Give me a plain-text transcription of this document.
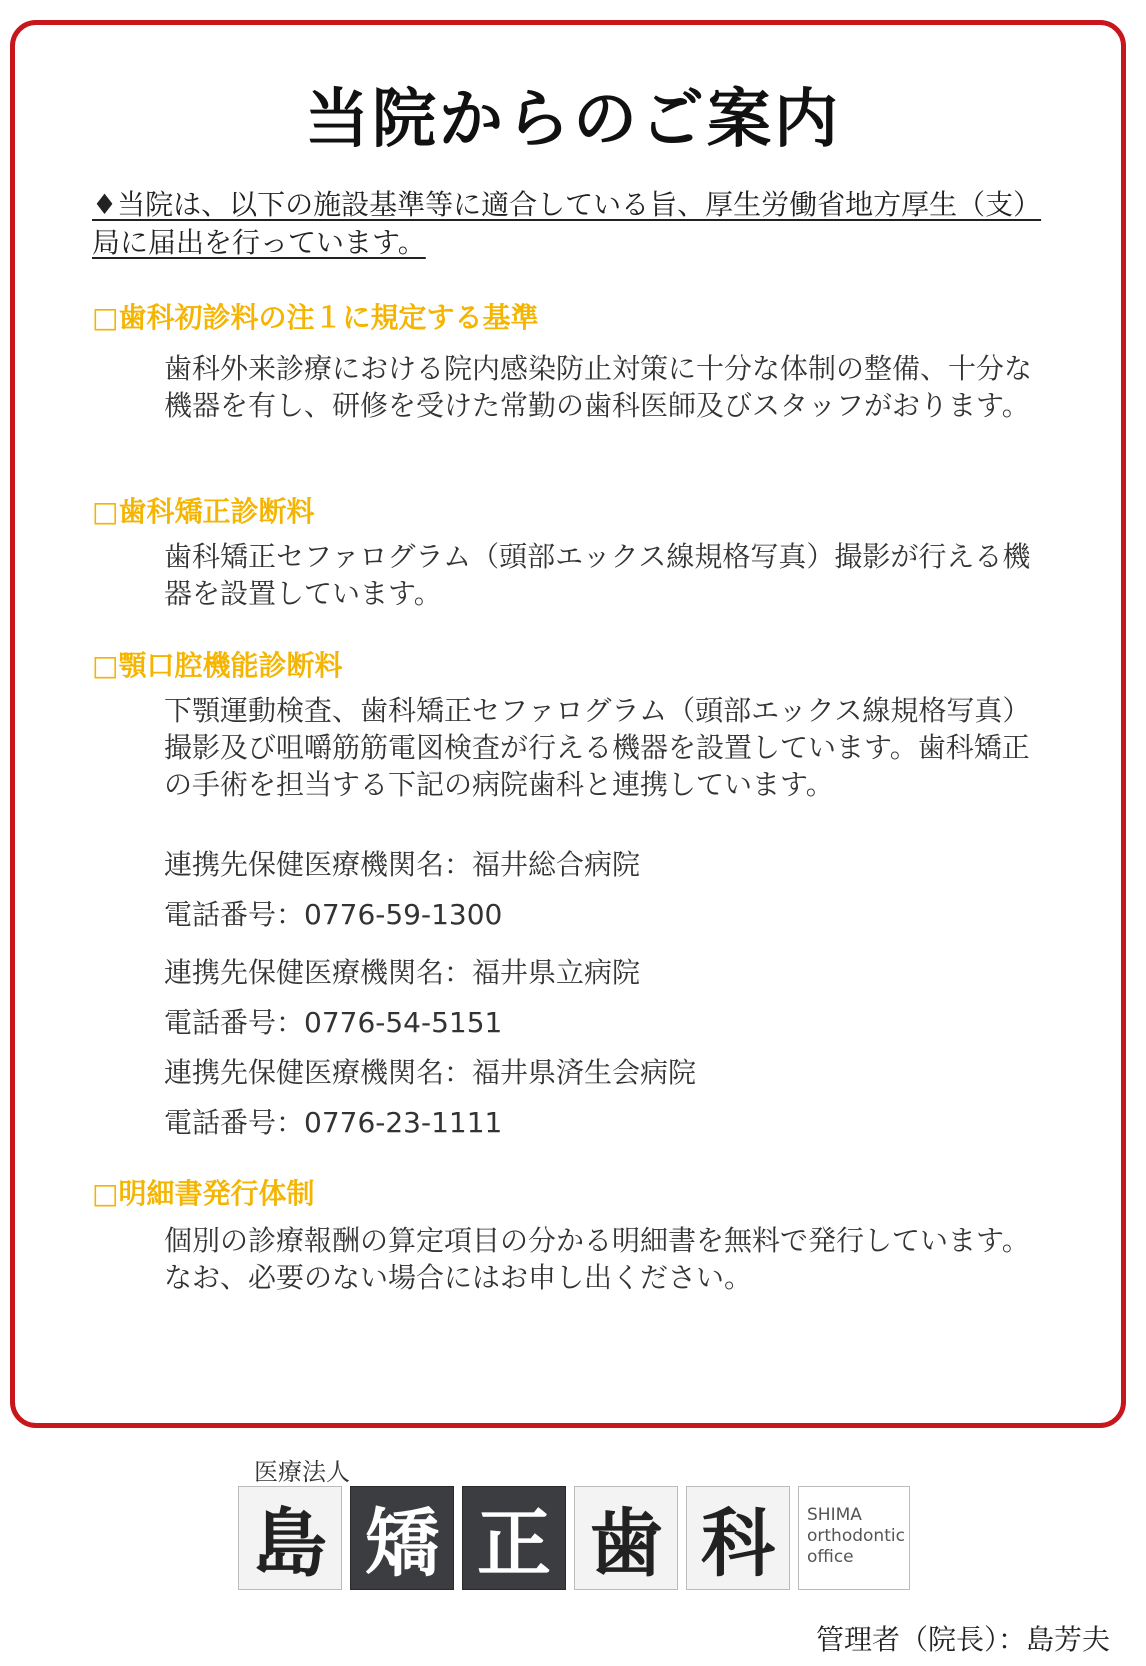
当院からのご案内
♦当院は、以下の施設基準等に適合している旨、厚生労働省地方厚生（支）局に届出を行っています。
□歯科初診料の注１に規定する基準
歯科外来診療における院内感染防止対策に十分な体制の整備、十分な機器を有し、研修を受けた常勤の歯科医師及びスタッフがおります。
□歯科矯正診断料
歯科矯正セファログラム（頭部エックス線規格写真）撮影が行える機器を設置しています。
□顎口腔機能診断料
下顎運動検査、歯科矯正セファログラム（頭部エックス線規格写真）撮影及び咀嚼筋筋電図検査が行える機器を設置しています。歯科矯正の手術を担当する下記の病院歯科と連携しています。
連携先保健医療機関名：福井総合病院
電話番号：0776-59-1300
連携先保健医療機関名：福井県立病院
電話番号：0776-54-5151
連携先保健医療機関名：福井県済生会病院
電話番号：0776-23-1111
□明細書発行体制
個別の診療報酬の算定項目の分かる明細書を無料で発行しています。なお、必要のない場合にはお申し出ください。
医療法人
島 矯 正 歯 科	SHIMA
orthodontic
office
管理者（院長）：島芳夫
